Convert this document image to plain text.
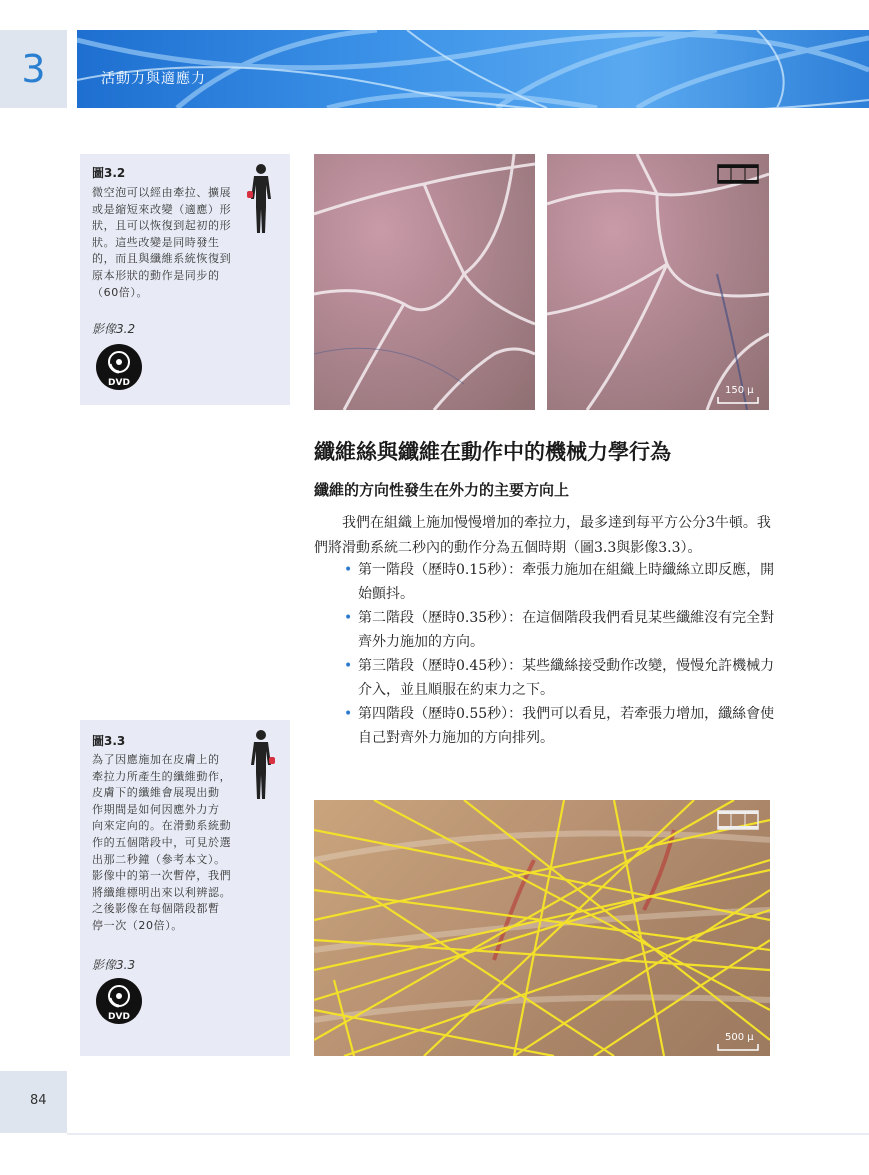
3	活動力與適應力
圖3.2
微空泡可以經由牽拉、擴展
或是縮短來改變（適應）形
狀，且可以恢復到起初的形
狀。這些改變是同時發生
的，而且與纖維系統恢復到
原本形狀的動作是同步的
（60倍）。
影像3.2
DVD
150 μ
纖維絲與纖維在動作中的機械力學行為
纖維的方向性發生在外力的主要方向上
我們在組織上施加慢慢增加的牽拉力，最多達到每平方公分3牛頓。我們將滑動系統二秒內的動作分為五個時期（圖3.3與影像3.3）。
• 第一階段（歷時0.15秒）：牽張力施加在組織上時纖絲立即反應，開始顫抖。
• 第二階段（歷時0.35秒）：在這個階段我們看見某些纖維沒有完全對齊外力施加的方向。
• 第三階段（歷時0.45秒）：某些纖絲接受動作改變，慢慢允許機械力介入，並且順服在約束力之下。
• 第四階段（歷時0.55秒）：我們可以看見，若牽張力增加，纖絲會使自己對齊外力施加的方向排列。
圖3.3
為了因應施加在皮膚上的
牽拉力所產生的纖維動作，
皮膚下的纖維會展現出動
作期間是如何因應外力方
向來定向的。在滑動系統動
作的五個階段中，可見於選
出那二秒鐘（參考本文）。
影像中的第一次暫停，我們
將纖維標明出來以利辨認。
之後影像在每個階段都暫
停一次（20倍）。
影像3.3
DVD
500 μ
84
